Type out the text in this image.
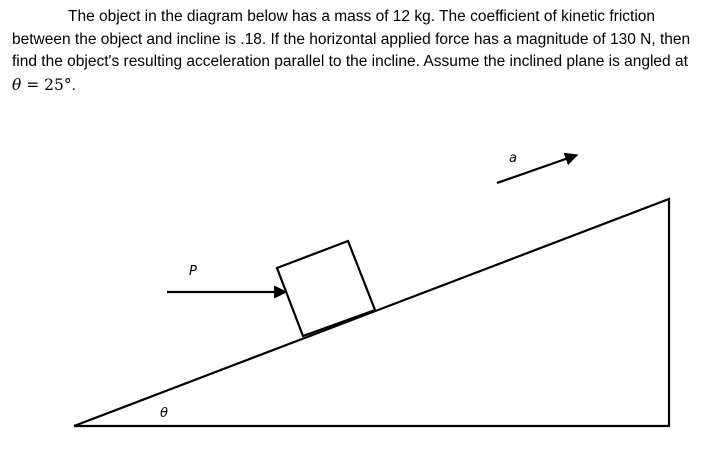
The object in the diagram below has a mass of 12 kg. The coefficient of kinetic friction
between the object and incline is .18. If the horizontal applied force has a magnitude of 130 N, then
find the object's resulting acceleration parallel to the incline. Assume the inclined plane is angled at
θ = 25°.
a
P
θ
